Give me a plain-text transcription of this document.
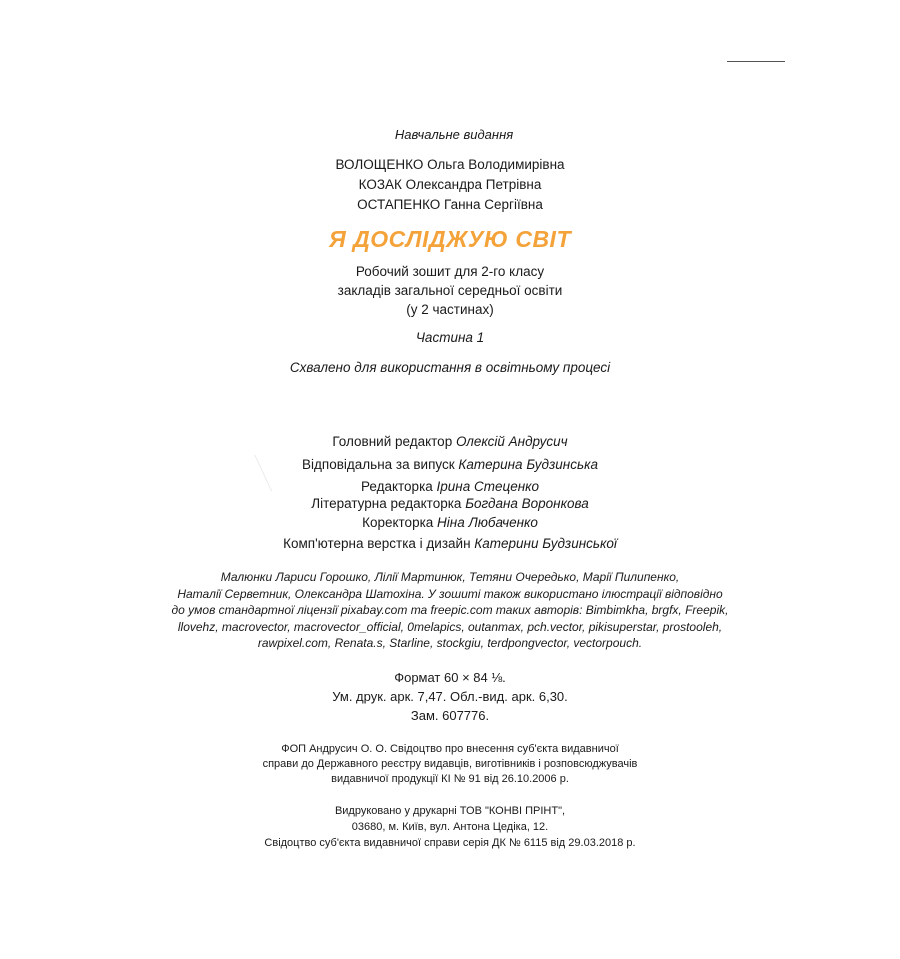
Навчальне видання
ВОЛОЩЕНКО Ольга Володимирівна
КОЗАК Олександра Петрівна
ОСТАПЕНКО Ганна Сергіївна
Я ДОСЛІДЖУЮ СВІТ
Робочий зошит для 2-го класу
закладів загальної середньої освіти
(у 2 частинах)
Частина 1
Схвалено для використання в освітньому процесі
Головний редактор Олексій Андрусич
Відповідальна за випуск Катерина Будзинська
Редакторка Ірина Стеценко
Літературна редакторка Богдана Воронкова
Коректорка Ніна Любаченко
Комп'ютерна верстка і дизайн Катерини Будзинської
Малюнки Лариси Горошко, Лілії Мартинюк, Тетяни Очередько, Марії Пилипенко,
Наталії Серветник, Олександра Шатохіна. У зошиті також використано ілюстрації відповідно
до умов стандартної ліцензії pixabay.com та freepic.com таких авторів: Bimbimkha, brgfx, Freepik,
llovehz, macrovector, macrovector_official, 0melapics, outanmax, pch.vector, pikisuperstar, prostooleh,
rawpixel.com, Renata.s, Starline, stockgiu, terdpongvector, vectorpouch.
Формат 60 × 84 ⅛.
Ум. друк. арк. 7,47. Обл.-вид. арк. 6,30.
Зам. 607776.
ФОП Андрусич О. О. Свідоцтво про внесення суб'єкта видавничої
справи до Державного реєстру видавців, виготівників і розповсюджувачів
видавничої продукції КІ № 91 від 26.10.2006 р.
Видруковано у друкарні ТОВ "КОНВІ ПРІНТ",
03680, м. Київ, вул. Антона Цедіка, 12.
Свідоцтво суб'єкта видавничої справи серія ДК № 6115 від 29.03.2018 р.
